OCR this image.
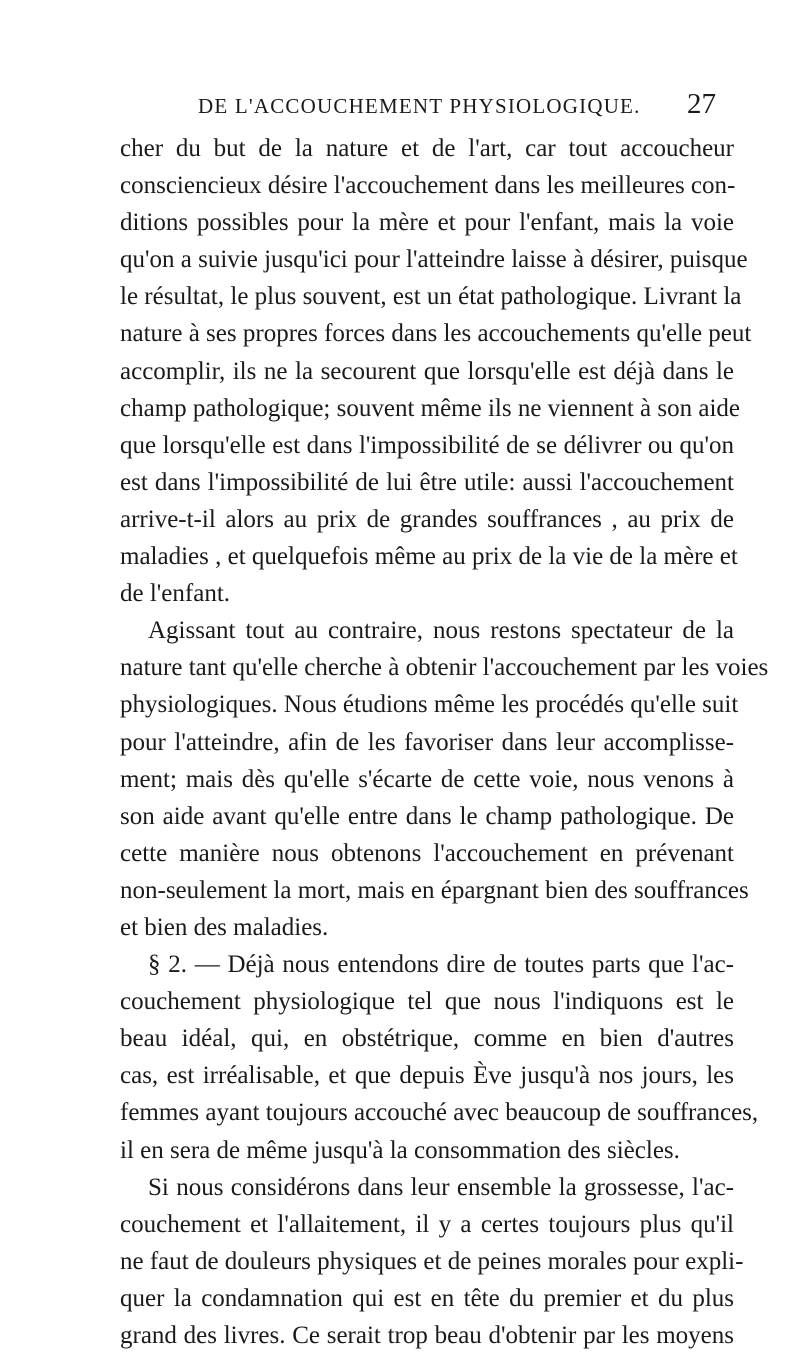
DE L'ACCOUCHEMENT PHYSIOLOGIQUE. 27
cher du but de la nature et de l'art, car tout accoucheur
consciencieux désire l'accouchement dans les meilleures con-
ditions possibles pour la mère et pour l'enfant, mais la voie
qu'on a suivie jusqu'ici pour l'atteindre laisse à désirer, puisque
le résultat, le plus souvent, est un état pathologique. Livrant la
nature à ses propres forces dans les accouchements qu'elle peut
accomplir, ils ne la secourent que lorsqu'elle est déjà dans le
champ pathologique; souvent même ils ne viennent à son aide
que lorsqu'elle est dans l'impossibilité de se délivrer ou qu'on
est dans l'impossibilité de lui être utile: aussi l'accouchement
arrive-t-il alors au prix de grandes souffrances , au prix de
maladies , et quelquefois même au prix de la vie de la mère et
de l'enfant.
Agissant tout au contraire, nous restons spectateur de la
nature tant qu'elle cherche à obtenir l'accouchement par les voies
physiologiques. Nous étudions même les procédés qu'elle suit
pour l'atteindre, afin de les favoriser dans leur accomplisse-
ment; mais dès qu'elle s'écarte de cette voie, nous venons à
son aide avant qu'elle entre dans le champ pathologique. De
cette manière nous obtenons l'accouchement en prévenant
non-seulement la mort, mais en épargnant bien des souffrances
et bien des maladies.
§ 2. — Déjà nous entendons dire de toutes parts que l'ac-
couchement physiologique tel que nous l'indiquons est le
beau idéal, qui, en obstétrique, comme en bien d'autres
cas, est irréalisable, et que depuis Ève jusqu'à nos jours, les
femmes ayant toujours accouché avec beaucoup de souffrances,
il en sera de même jusqu'à la consommation des siècles.
Si nous considérons dans leur ensemble la grossesse, l'ac-
couchement et l'allaitement, il y a certes toujours plus qu'il
ne faut de douleurs physiques et de peines morales pour expli-
quer la condamnation qui est en tête du premier et du plus
grand des livres. Ce serait trop beau d'obtenir par les moyens
